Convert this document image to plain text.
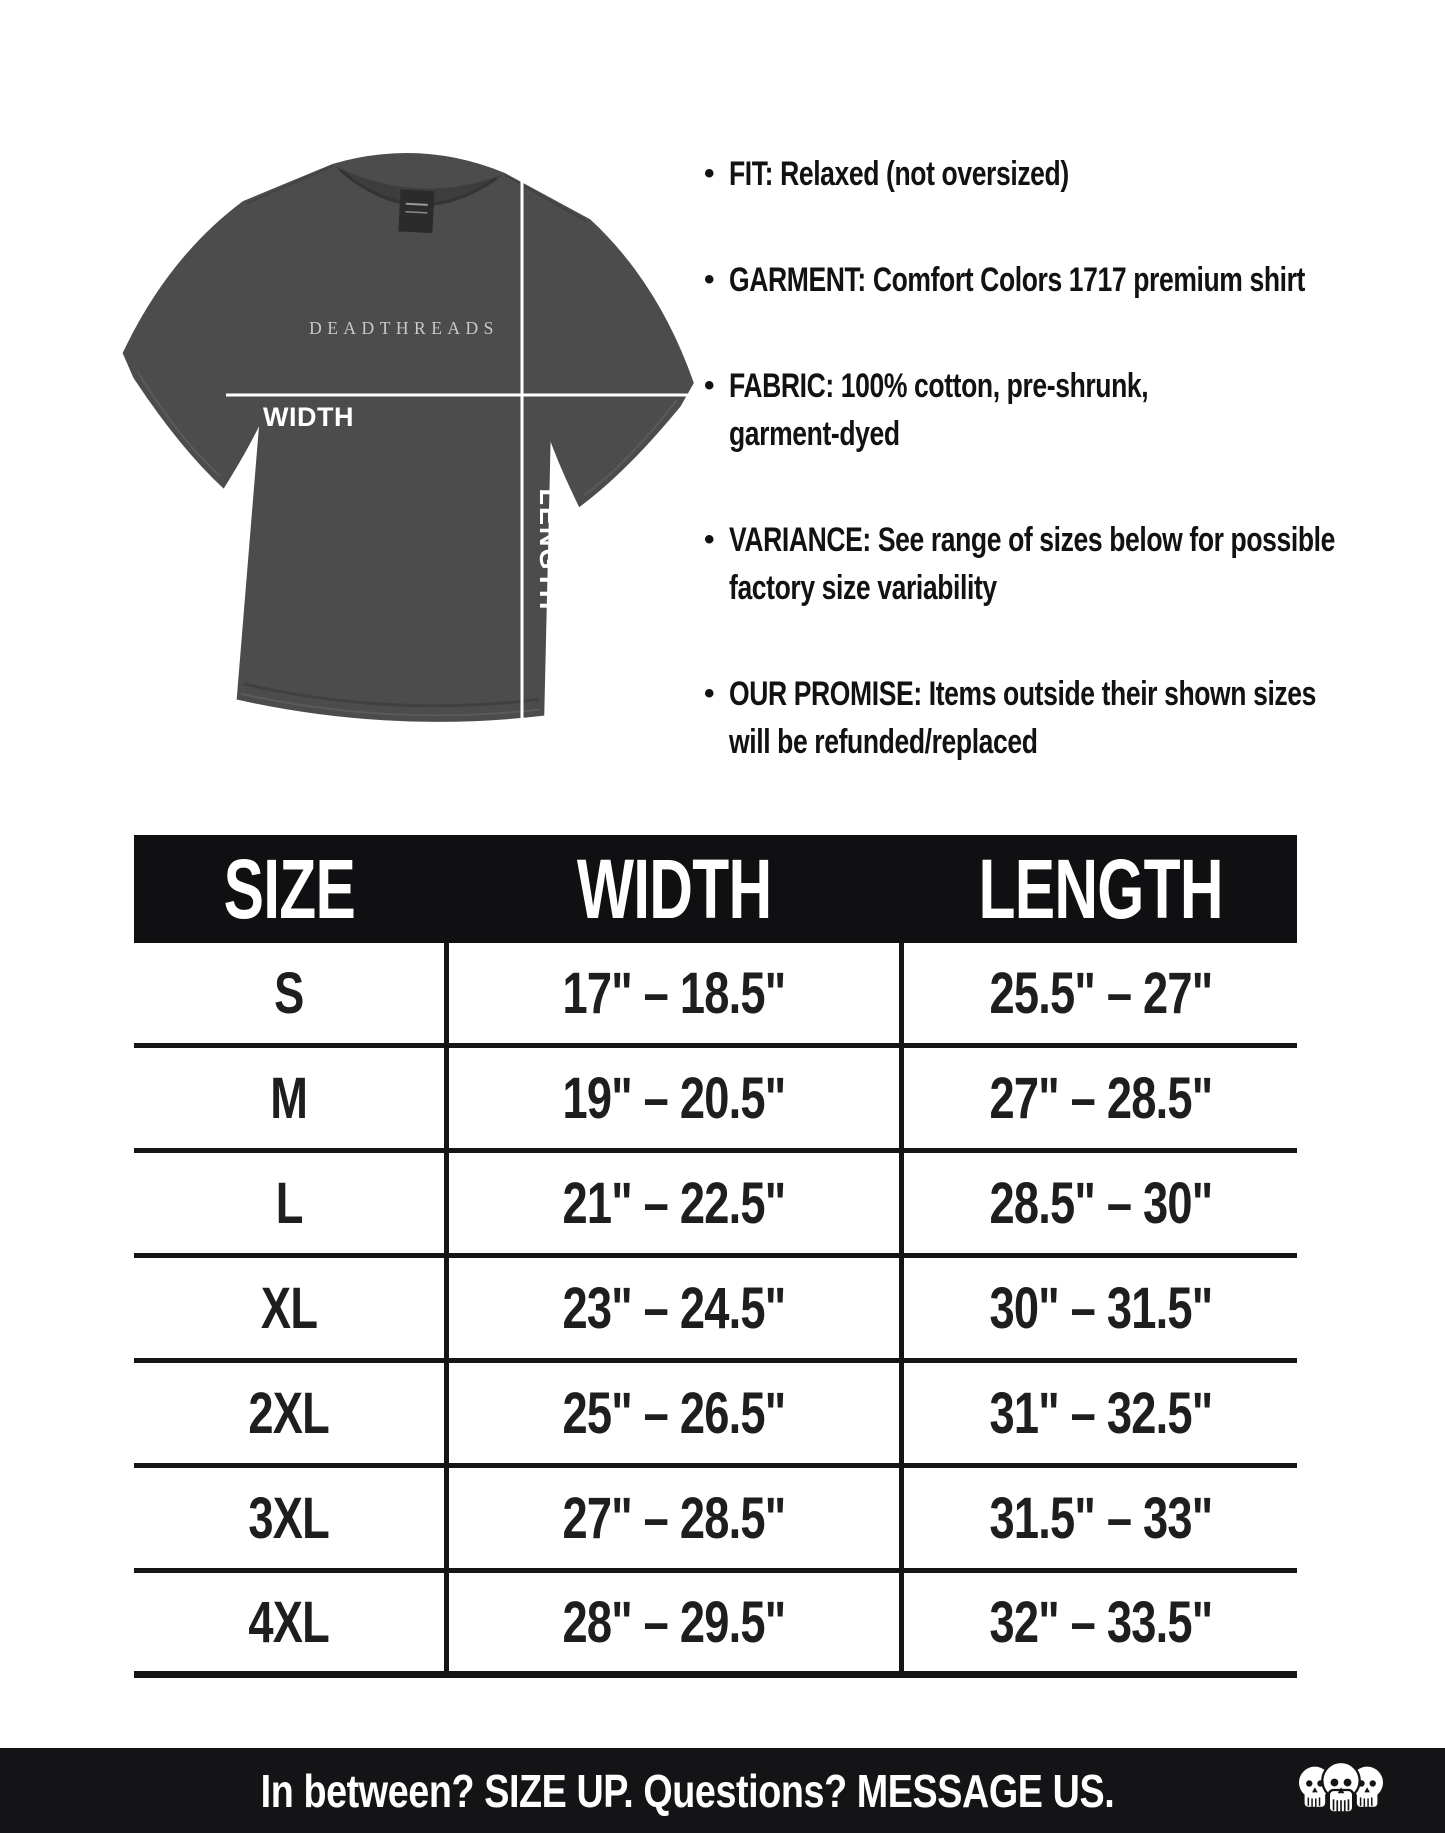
DEADTHREADS
WIDTH
LENGTH
• FIT: Relaxed (not oversized)
• GARMENT: Comfort Colors 1717 premium shirt
• FABRIC: 100% cotton, pre-shrunk,
garment-dyed
• VARIANCE: See range of sizes below for possible
factory size variability
• OUR PROMISE: Items outside their shown sizes
will be refunded/replaced
SIZE	WIDTH LENGTH
S	17" – 18.5"	25.5" – 27"
M	19" – 20.5"	27" – 28.5"
L	21" – 22.5"	28.5" – 30"
XL	23" – 24.5"	30" – 31.5"
2XL	25" – 26.5"	31" – 32.5"
3XL	27" – 28.5"	31.5" – 33"
4XL	28" – 29.5"	32" – 33.5"
In between? SIZE UP. Questions? MESSAGE US.
